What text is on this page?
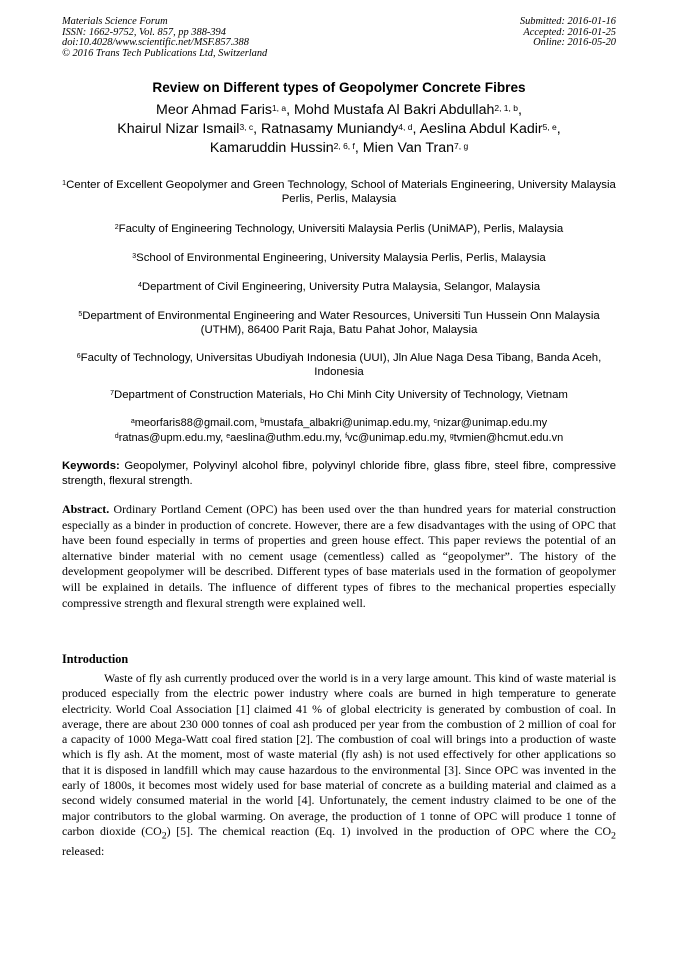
Materials Science Forum
ISSN: 1662-9752, Vol. 857, pp 388-394
doi:10.4028/www.scientific.net/MSF.857.388
© 2016 Trans Tech Publications Ltd, Switzerland
Submitted: 2016-01-16
Accepted: 2016-01-25
Online: 2016-05-20
Review on Different types of Geopolymer Concrete Fibres
Meor Ahmad Faris$^{1, a}$, Mohd Mustafa Al Bakri Abdullah$^{2, 1, b}$,
Khairul Nizar Ismail$^{3, c}$, Ratnasamy Muniandy$^{4, d}$, Aeslina Abdul Kadir$^{5, e}$,
Kamaruddin Hussin$^{2, 6, f}$, Mien Van Tran$^{7, g}$
$^1$Center of Excellent Geopolymer and Green Technology, School of Materials Engineering, University Malaysia Perlis, Perlis, Malaysia
$^2$Faculty of Engineering Technology, Universiti Malaysia Perlis (UniMAP), Perlis, Malaysia
$^3$School of Environmental Engineering, University Malaysia Perlis, Perlis, Malaysia
$^4$Department of Civil Engineering, University Putra Malaysia, Selangor, Malaysia
$^5$Department of Environmental Engineering and Water Resources, Universiti Tun Hussein Onn Malaysia (UTHM), 86400 Parit Raja, Batu Pahat Johor, Malaysia
$^6$Faculty of Technology, Universitas Ubudiyah Indonesia (UUI), Jln Alue Naga Desa Tibang, Banda Aceh, Indonesia
$^7$Department of Construction Materials, Ho Chi Minh City University of Technology, Vietnam
$^a$meorfaris88@gmail.com, $^b$mustafa_albakri@unimap.edu.my, $^c$nizar@unimap.edu.my
$^d$ratnas@upm.edu.my, $^e$aeslina@uthm.edu.my, $^f$vc@unimap.edu.my, $^g$tvmien@hcmut.edu.vn
Keywords: Geopolymer, Polyvinyl alcohol fibre, polyvinyl chloride fibre, glass fibre, steel fibre, compressive strength, flexural strength.
Abstract. Ordinary Portland Cement (OPC) has been used over the than hundred years for material construction especially as a binder in production of concrete. However, there are a few disadvantages with the using of OPC that have been found especially in terms of properties and green house effect. This paper reviews the potential of an alternative binder material with no cement usage (cementless) called as “geopolymer”. The history of the development geopolymer will be described. Different types of base materials used in the formation of geopolymer will be explained in details. The influence of different types of fibres to the mechanical properties especially compressive strength and flexural strength were explained well.
Introduction
Waste of fly ash currently produced over the world is in a very large amount. This kind of waste material is produced especially from the electric power industry where coals are burned in high temperature to generate electricity. World Coal Association [1] claimed 41 % of global electricity is generated by combustion of coal. In average, there are about 230 000 tonnes of coal ash produced per year from the combustion of 2 million of coal for a capacity of 1000 Mega-Watt coal fired station [2]. The combustion of coal will brings into a production of waste which is fly ash. At the moment, most of waste material (fly ash) is not used effectively for other applications so that it is disposed in landfill which may cause hazardous to the environmental [3]. Since OPC was invented in the early of 1800s, it becomes most widely used for base material of concrete as a building material and claimed as a second widely consumed material in the world [4]. Unfortunately, the cement industry claimed to be one of the major contributors to the global warming. On average, the production of 1 tonne of OPC will produce 1 tonne of carbon dioxide $(CO_2)$ [5]. The chemical reaction (Eq. 1) involved in the production of OPC where the $CO_2$ released:
